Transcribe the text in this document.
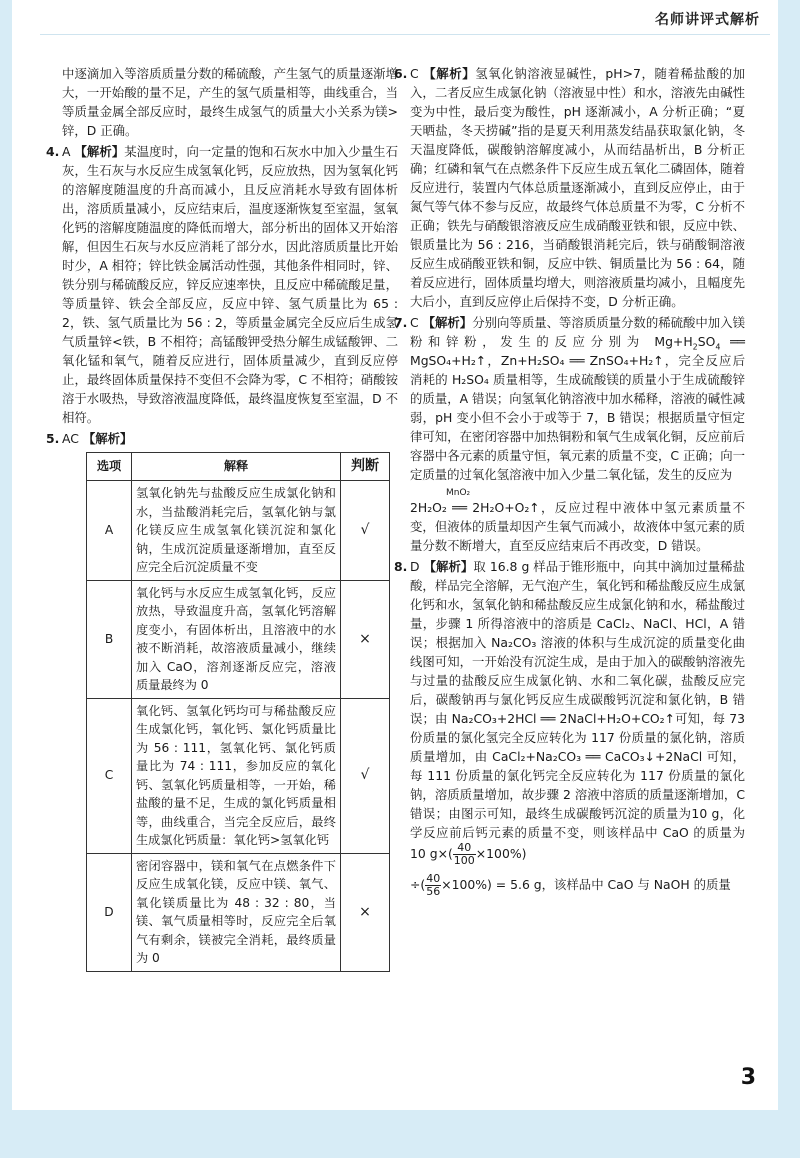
名师讲评式解析

中逐滴加入等溶质质量分数的稀硫酸，产生氢气的质量逐渐增大，一开始酸的量不足，产生的氢气质量相等，曲线重合，当等质量金属全部反应时，最终生成氢气的质量大小关系为镁>锌，D 正确。

4. A 【解析】某温度时，向一定量的饱和石灰水中加入少量生石灰，生石灰与水反应生成氢氧化钙，反应放热，因为氢氧化钙的溶解度随温度的升高而减小，且反应消耗水导致有固体析出，溶质质量减小，反应结束后，温度逐渐恢复至室温，氢氧化钙的溶解度随温度的降低而增大，部分析出的固体又开始溶解，但因生石灰与水反应消耗了部分水，因此溶质质量比开始时少，A 相符；锌比铁金属活动性强，其他条件相同时，锌、铁分别与稀硫酸反应，锌反应速率快，且反应中稀硫酸足量，等质量锌、铁会全部反应，反应中锌、氢气质量比为 65 : 2，铁、氢气质量比为 56 : 2，等质量金属完全反应后生成氢气质量锌<铁，B 不相符；高锰酸钾受热分解生成锰酸钾、二氧化锰和氧气，随着反应进行，固体质量减少，直到反应停止，最终固体质量保持不变但不会降为零，C 不相符；硝酸铵溶于水吸热，导致溶液温度降低，最终温度恢复至室温，D 不相符。
5. AC 【解析】
选项	解释	判断
A	氢氧化钠先与盐酸反应生成氯化钠和水，当盐酸消耗完后，氢氧化钠与氯化镁反应生成氢氧化镁沉淀和氯化钠，生成沉淀质量逐渐增加，直至反应完全后沉淀质量不变	√
B	氧化钙与水反应生成氢氧化钙，反应放热，导致温度升高，氢氧化钙溶解度变小，有固体析出，且溶液中的水被不断消耗，故溶液质量减小，继续加入 CaO，溶剂逐渐反应完，溶液质量最终为 0	×
C	氧化钙、氢氧化钙均可与稀盐酸反应生成氯化钙，氧化钙、氯化钙质量比为 56 : 111，氢氧化钙、氯化钙质量比为 74 : 111，参加反应的氧化钙、氢氧化钙质量相等，一开始，稀盐酸的量不足，生成的氯化钙质量相等，曲线重合，当完全反应后，最终生成氯化钙质量：氧化钙>氢氧化钙	√
D	密闭容器中，镁和氧气在点燃条件下反应生成氧化镁，反应中镁、氧气、氧化镁质量比为 48 : 32 : 80，当镁、氧气质量相等时，反应完全后氧气有剩余，镁被完全消耗，最终质量为 0	×
6. C 【解析】氢氧化钠溶液显碱性，pH>7，随着稀盐酸的加入，二者反应生成氯化钠（溶液显中性）和水，溶液先由碱性变为中性，最后变为酸性，pH 逐渐减小，A 分析正确；“夏天晒盐，冬天捞碱”指的是夏天利用蒸发结晶获取氯化钠，冬天温度降低，碳酸钠溶解度减小，从而结晶析出，B 分析正确；红磷和氧气在点燃条件下反应生成五氧化二磷固体，随着反应进行，装置内气体总质量逐渐减小，直到反应停止，由于氮气等气体不参与反应，故最终气体总质量不为零，C 分析不正确；铁先与硝酸银溶液反应生成硝酸亚铁和银，反应中铁、银质量比为 56 : 216，当硝酸银消耗完后，铁与硝酸铜溶液反应生成硝酸亚铁和铜，反应中铁、铜质量比为 56 : 64，随着反应进行，固体质量均增大，则溶液质量均减小，且幅度先大后小，直到反应停止后保持不变，D 分析正确。
7. C 【解析】分别向等质量、等溶质质量分数的稀硫酸中加入镁粉和锌粉，发生的反应分别为 $Mg+H_2SO_4$ ══ MgSO₄+H₂↑，Zn+H₂SO₄ ══ ZnSO₄+H₂↑，完全反应后消耗的 H₂SO₄ 质量相等，生成硫酸镁的质量小于生成硫酸锌的质量，A 错误；向氢氧化钠溶液中加水稀释，溶液的碱性减弱，pH 变小但不会小于或等于 7，B 错误；根据质量守恒定律可知，在密闭容器中加热铜粉和氧气生成氧化铜，反应前后容器中各元素的质量守恒，氧元素的质量不变，C 正确；向一定质量的过氧化氢溶液中加入少量二氧化锰，发生的反应为
MnO₂
2H₂O₂ ══ 2H₂O+O₂↑，反应过程中液体中氢元素质量不变，但液体的质量却因产生氧气而减小，故液体中氢元素的质量分数不断增大，直至反应结束后不再改变，D 错误。
8. D 【解析】取 16.8 g 样品于锥形瓶中，向其中滴加过量稀盐酸，样品完全溶解，无气泡产生，氧化钙和稀盐酸反应生成氯化钙和水，氢氧化钠和稀盐酸反应生成氯化钠和水，稀盐酸过量，步骤 1 所得溶液中的溶质是 CaCl₂、NaCl、HCl，A 错误；根据加入 Na₂CO₃ 溶液的体积与生成沉淀的质量变化曲线图可知，一开始没有沉淀生成，是由于加入的碳酸钠溶液先与过量的盐酸反应生成氯化钠、水和二氧化碳，盐酸反应完后，碳酸钠再与氯化钙反应生成碳酸钙沉淀和氯化钠，B 错误；由 Na₂CO₃+2HCl ══ 2NaCl+H₂O+CO₂↑可知，每 73 份质量的氯化氢完全反应转化为 117 份质量的氯化钠，溶质质量增加，由 CaCl₂+Na₂CO₃ ══ CaCO₃↓+2NaCl 可知，每 111 份质量的氯化钙完全反应转化为 117 份质量的氯化钠，溶质质量增加，故步骤 2 溶液中溶质的质量逐渐增加，C 错误；由图示可知，最终生成碳酸钙沉淀的质量为10 g，化学反应前后钙元素的质量不变，则该样品中 CaO 的质量为 10 $g\times( \frac{40}{100} \times 100\%)$
÷( $\frac{40}{56} \times 100\%) = 5.6$ g，该样品中 CaO 与 NaOH 的质量
3
